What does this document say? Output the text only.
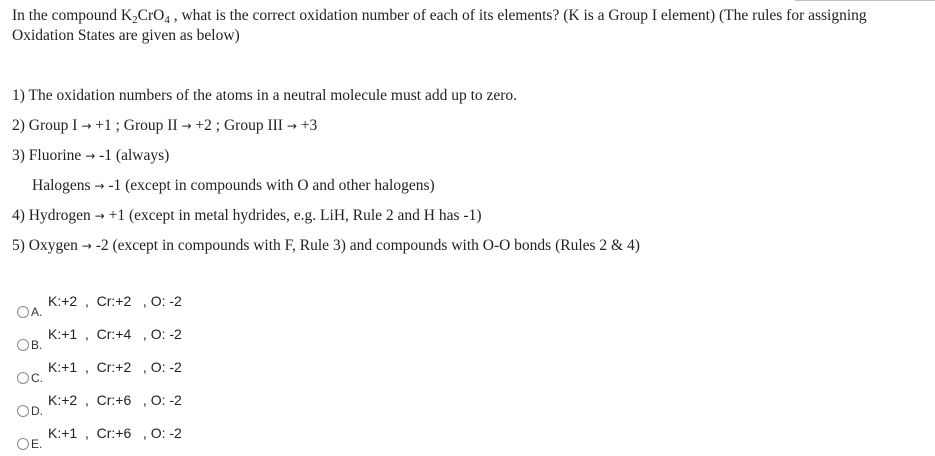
In the compound $K_2CrO_4$ , what is the correct oxidation number of each of its elements? (K is a Group I element) (The rules for assigning Oxidation States are given as below)
1) The oxidation numbers of the atoms in a neutral molecule must add up to zero.
2) Group I → +1 ; Group II → +2 ; Group III → +3
3) Fluorine → -1 (always)
Halogens → -1 (except in compounds with O and other halogens)
4) Hydrogen → +1 (except in metal hydrides, e.g. LiH, Rule 2 and H has -1)
5) Oxygen → -2 (except in compounds with F, Rule 3) and compounds with O-O bonds (Rules 2 & 4)
A.
K:+2  ,  Cr:+2   , O: -2
B.
K:+1  ,  Cr:+4   , O: -2
C.
K:+1  ,  Cr:+2   , O: -2
D.
K:+2  ,  Cr:+6   , O: -2
E.
K:+1  ,  Cr:+6   , O: -2
